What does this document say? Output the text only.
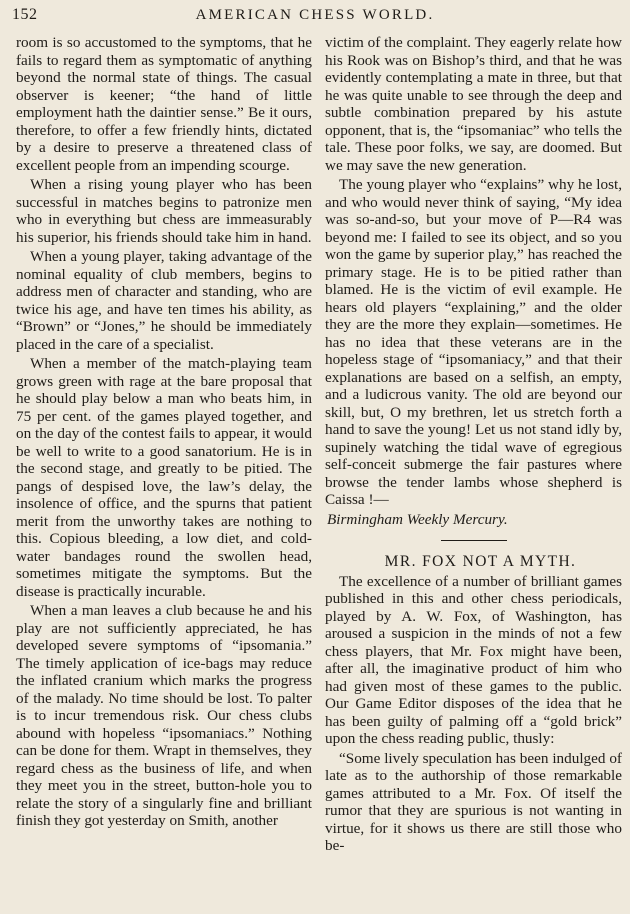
152	AMERICAN CHESS WORLD.

room is so accustomed to the symptoms, that he fails to regard them as symptomatic of anything beyond the normal state of things. The casual observer is keener; “the hand of little employment hath the daintier sense.” Be it ours, therefore, to offer a few friendly hints, dictated by a desire to preserve a threatened class of excellent people from an impending scourge.

When a rising young player who has been successful in matches begins to patronize men who in everything but chess are immeasurably his superior, his friends should take him in hand.

When a young player, taking advantage of the nominal equality of club members, begins to address men of character and standing, who are twice his age, and have ten times his ability, as “Brown” or “Jones,” he should be immediately placed in the care of a specialist.

When a member of the match-playing team grows green with rage at the bare proposal that he should play below a man who beats him, in 75 per cent. of the games played together, and on the day of the contest fails to appear, it would be well to write to a good sanatorium. He is in the second stage, and greatly to be pitied. The pangs of despised love, the law’s delay, the insolence of office, and the spurns that patient merit from the unworthy takes are nothing to this. Copious bleeding, a low diet, and cold-water bandages round the swollen head, sometimes mitigate the symptoms. But the disease is practically incurable.

When a man leaves a club because he and his play are not sufficiently appreciated, he has developed severe symptoms of “ipsomania.” The timely application of ice-bags may reduce the inflated cranium which marks the progress of the malady. No time should be lost. To palter is to incur tremendous risk. Our chess clubs abound with hopeless “ipsomaniacs.” Nothing can be done for them. Wrapt in themselves, they regard chess as the business of life, and when they meet you in the street, button-hole you to relate the story of a singularly fine and brilliant finish they got yesterday on Smith, another

victim of the complaint. They eagerly relate how his Rook was on Bishop’s third, and that he was evidently contemplating a mate in three, but that he was quite unable to see through the deep and subtle combination prepared by his astute opponent, that is, the “ipsomaniac” who tells the tale. These poor folks, we say, are doomed. But we may save the new generation.

The young player who “explains” why he lost, and who would never think of saying, “My idea was so-and-so, but your move of P—R4 was beyond me: I failed to see its object, and so you won the game by superior play,” has reached the primary stage. He is to be pitied rather than blamed. He is the victim of evil example. He hears old players “explaining,” and the older they are the more they explain—sometimes. He has no idea that these veterans are in the hopeless stage of “ipsomaniacy,” and that their explanations are based on a selfish, an empty, and a ludicrous vanity. The old are beyond our skill, but, O my brethren, let us stretch forth a hand to save the young! Let us not stand idly by, supinely watching the tidal wave of egregious self-conceit submerge the fair pastures where browse the tender lambs whose shepherd is Caissa !—

Birmingham Weekly Mercury.

MR. FOX NOT A MYTH.

The excellence of a number of brilliant games published in this and other chess periodicals, played by A. W. Fox, of Washington, has aroused a suspicion in the minds of not a few chess players, that Mr. Fox might have been, after all, the imaginative product of him who had given most of these games to the public. Our Game Editor disposes of the idea that he has been guilty of palming off a “gold brick” upon the chess reading public, thusly:

“Some lively speculation has been indulged of late as to the authorship of those remarkable games attributed to a Mr. Fox. Of itself the rumor that they are spurious is not wanting in virtue, for it shows us there are still those who be-
